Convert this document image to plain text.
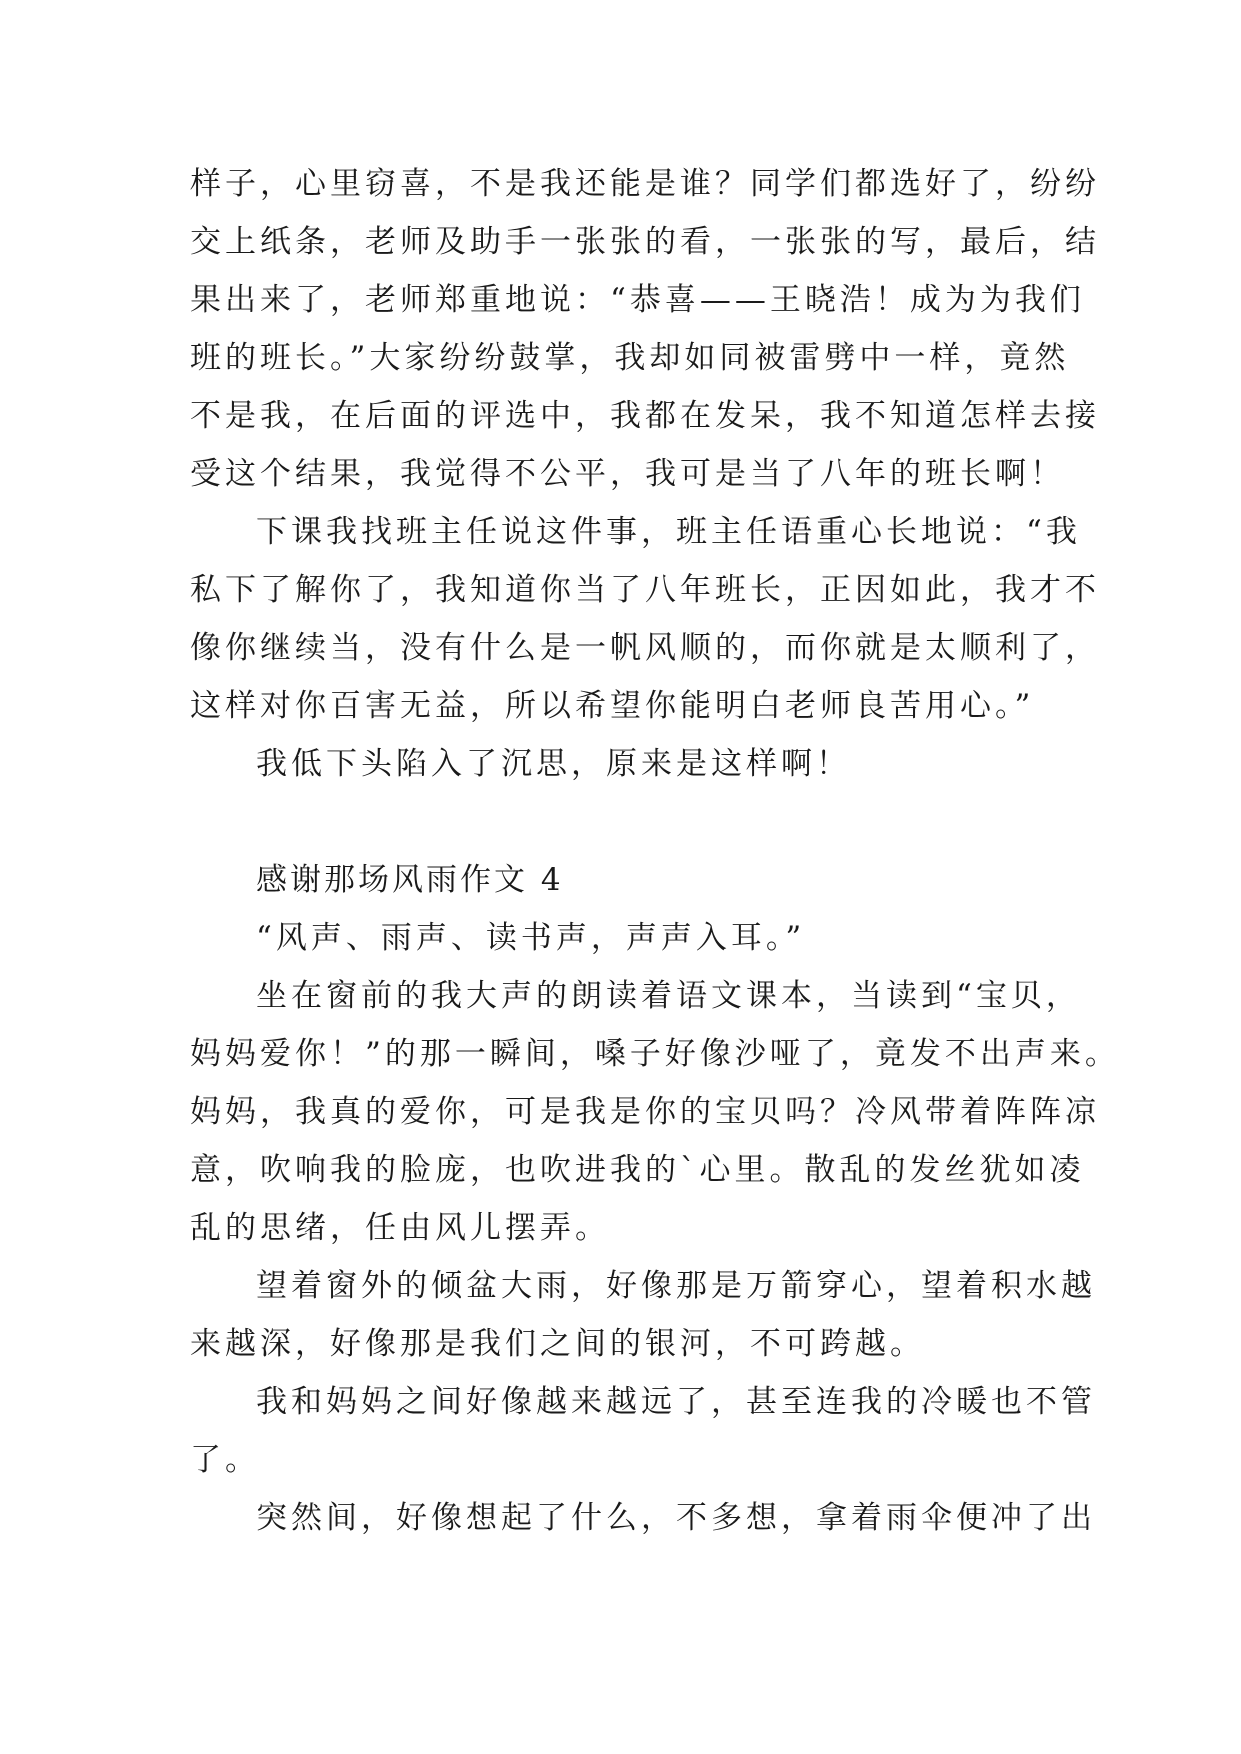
样子，心里窃喜，不是我还能是谁？同学们都选好了，纷纷
交上纸条，老师及助手一张张的看，一张张的写，最后，结
果出来了，老师郑重地说：“恭喜——王晓浩！成为为我们
班的班长。”大家纷纷鼓掌，我却如同被雷劈中一样，竟然
不是我，在后面的评选中，我都在发呆，我不知道怎样去接
受这个结果，我觉得不公平，我可是当了八年的班长啊！
下课我找班主任说这件事，班主任语重心长地说：“我
私下了解你了，我知道你当了八年班长，正因如此，我才不
像你继续当，没有什么是一帆风顺的，而你就是太顺利了，
这样对你百害无益，所以希望你能明白老师良苦用心。”
我低下头陷入了沉思，原来是这样啊！
感谢那场风雨作文 4
“风声、雨声、读书声，声声入耳。”
坐在窗前的我大声的朗读着语文课本，当读到“宝贝，
妈妈爱你！”的那一瞬间，嗓子好像沙哑了，竟发不出声来。
妈妈，我真的爱你，可是我是你的宝贝吗？冷风带着阵阵凉
意，吹响我的脸庞，也吹进我的`心里。散乱的发丝犹如凌
乱的思绪，任由风儿摆弄。
望着窗外的倾盆大雨，好像那是万箭穿心，望着积水越
来越深，好像那是我们之间的银河，不可跨越。
我和妈妈之间好像越来越远了，甚至连我的冷暖也不管
了。
突然间，好像想起了什么，不多想，拿着雨伞便冲了出
